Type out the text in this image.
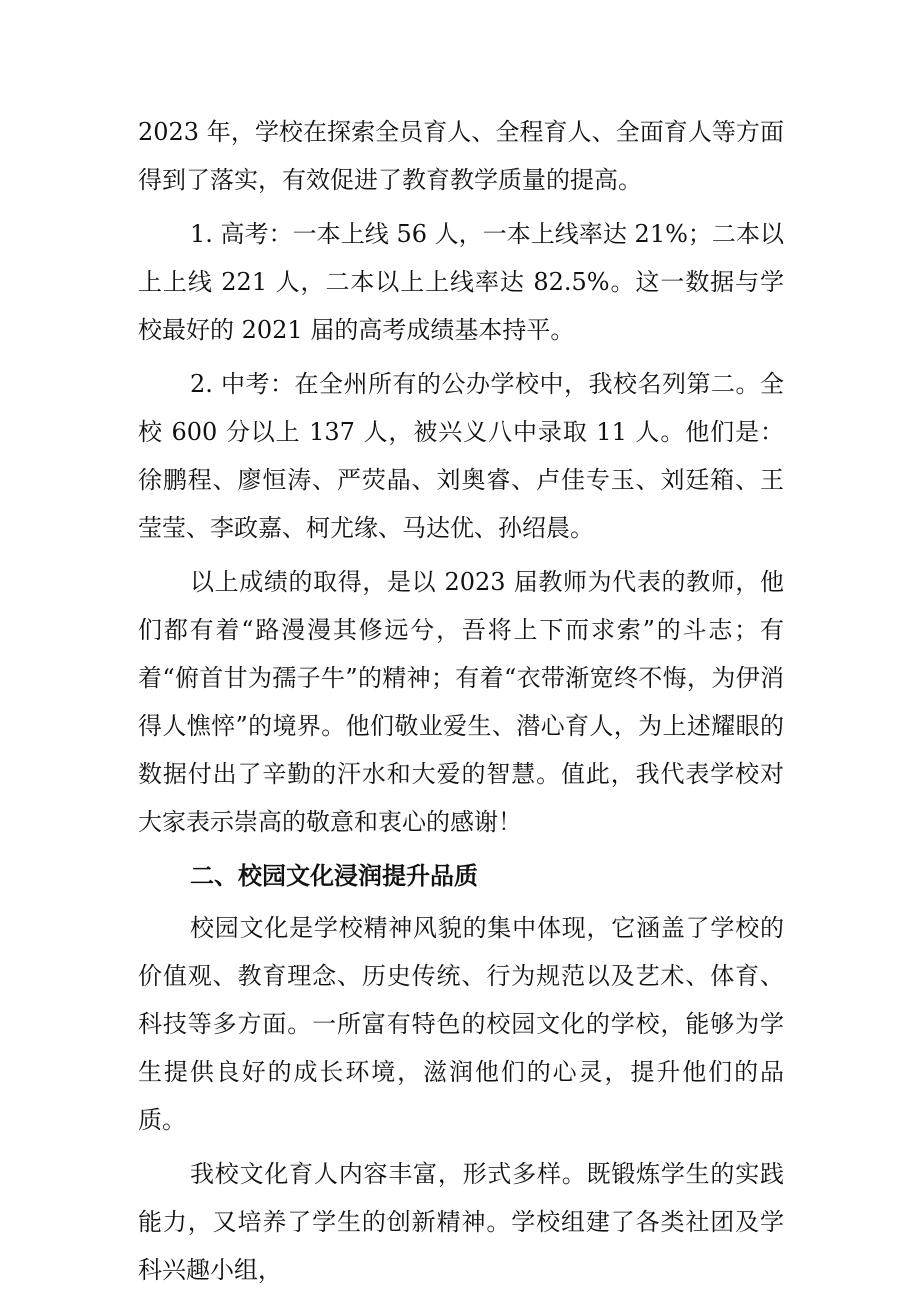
2023 年，学校在探索全员育人、全程育人、全面育人等方面得到了落实，有效促进了教育教学质量的提高。

1. 高考：一本上线 56 人，一本上线率达 21%；二本以上上线 221 人，二本以上上线率达 82.5%。这一数据与学校最好的 2021 届的高考成绩基本持平。

2. 中考：在全州所有的公办学校中，我校名列第二。全校 600 分以上 137 人，被兴义八中录取 11 人。他们是：徐鹏程、廖恒涛、严荧晶、刘奥睿、卢佳专玉、刘廷箱、王莹莹、李政嘉、柯尤缘、马达优、孙绍晨。

以上成绩的取得，是以 2023 届教师为代表的教师，他们都有着“路漫漫其修远兮，吾将上下而求索”的斗志；有着“俯首甘为孺子牛”的精神；有着“衣带渐宽终不悔，为伊消得人憔悴”的境界。他们敬业爱生、潜心育人，为上述耀眼的数据付出了辛勤的汗水和大爱的智慧。值此，我代表学校对大家表示崇高的敬意和衷心的感谢！

二、校园文化浸润提升品质

校园文化是学校精神风貌的集中体现，它涵盖了学校的价值观、教育理念、历史传统、行为规范以及艺术、体育、科技等多方面。一所富有特色的校园文化的学校，能够为学生提供良好的成长环境，滋润他们的心灵，提升他们的品质。

我校文化育人内容丰富，形式多样。既锻炼学生的实践能力，又培养了学生的创新精神。学校组建了各类社团及学科兴趣小组，
